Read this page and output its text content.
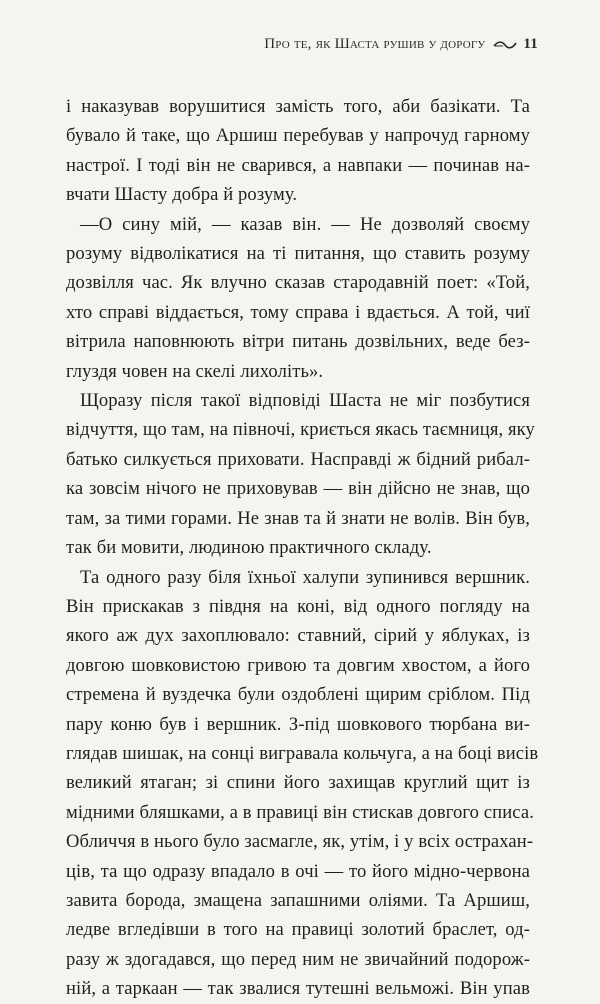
Про те, як Шаста рушив у дорогу	11
і наказував ворушитися замість того, аби базікати. Та
бувало й таке, що Аршиш перебував у напрочуд гарному
настрої. І тоді він не сварився, а навпаки — починав на-
вчати Шасту добра й розуму.
—О сину мій, — казав він. — Не дозволяй своєму
розуму відволікатися на ті питання, що ставить розуму
дозвілля час. Як влучно сказав стародавній поет: «Той,
хто справі віддається, тому справа і вдається. А той, чиї
вітрила наповнюють вітри питань дозвільних, веде без-
глуздя човен на скелі лихоліть».
Щоразу після такої відповіді Шаста не міг позбутися
відчуття, що там, на півночі, криється якась таємниця, яку
батько силкується приховати. Насправді ж бідний рибал-
ка зовсім нічого не приховував — він дійсно не знав, що
там, за тими горами. Не знав та й знати не волів. Він був,
так би мовити, людиною практичного складу.
Та одного разу біля їхньої халупи зупинився вершник.
Він прискакав з півдня на коні, від одного погляду на
якого аж дух захоплювало: ставний, сірий у яблуках, із
довгою шовковистою гривою та довгим хвостом, а його
стремена й вуздечка були оздоблені щирим сріблом. Під
пару коню був і вершник. З-під шовкового тюрбана ви-
глядав шишак, на сонці вигравала кольчуга, а на боці висів
великий ятаган; зі спини його захищав круглий щит із
мідними бляшками, а в правиці він стискав довгого списа.
Обличчя в нього було засмагле, як, утім, і у всіх острахан-
ців, та що одразу впадало в очі — то його мідно-червона
завита борода, змащена запашними оліями. Та Аршиш,
ледве вгледівши в того на правиці золотий браслет, од-
разу ж здогадався, що перед ним не звичайний подорож-
ній, а таркаан — так звалися тутешні вельможі. Він упав
